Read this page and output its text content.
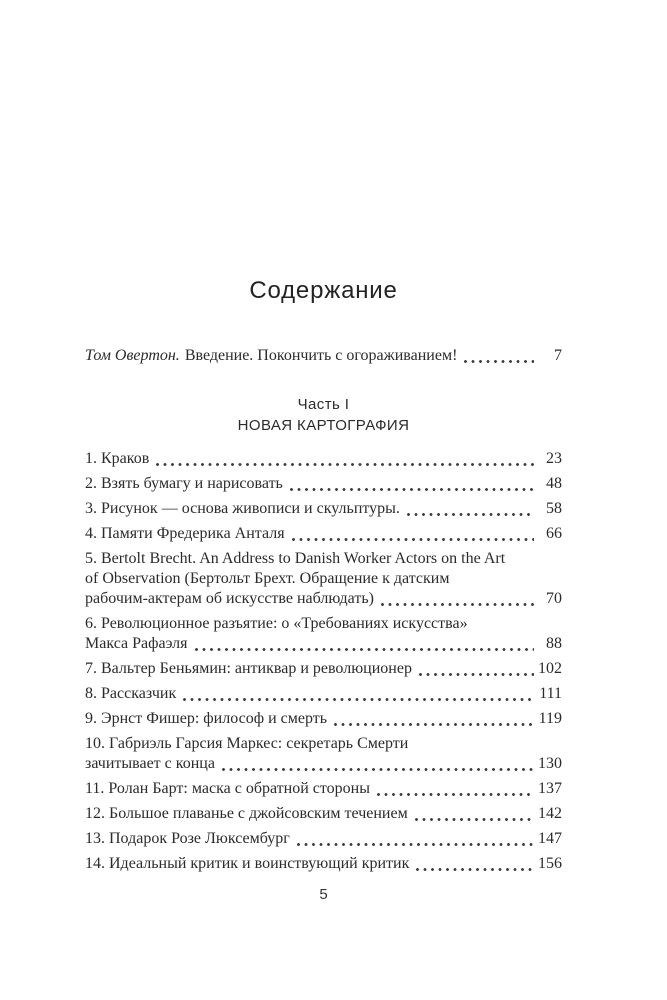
Содержание
Том Овертон. Введение. Покончить с огораживанием!	7
Часть I
НОВАЯ КАРТОГРАФИЯ
1. Краков	23
2. Взять бумагу и нарисовать	48
3. Рисунок — основа живописи и скульптуры.	58
4. Памяти Фредерика Анталя	66
5. Bertolt Brecht. An Address to Danish Worker Actors on the Art
of Observation (Бертольт Брехт. Обращение к датским
рабочим-актерам об искусстве наблюдать)	70
6. Революционное разъятие: о «Требованиях искусства»
Макса Рафаэля	88
7. Вальтер Беньямин: антиквар и революционер	102
8. Рассказчик	111
9. Эрнст Фишер: философ и смерть	119
10. Габриэль Гарсия Маркес: секретарь Смерти
зачитывает с конца	130
11. Ролан Барт: маска с обратной стороны	137
12. Большое плаванье с джойсовским течением	142
13. Подарок Розе Люксембург	147
14. Идеальный критик и воинствующий критик	156
5
